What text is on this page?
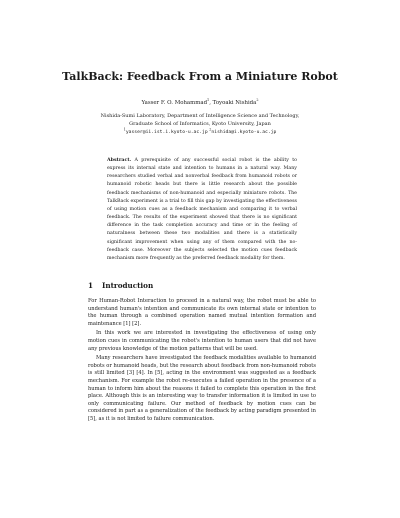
TalkBack: Feedback From a Miniature Robot
Yasser F. O. Mohammad$^1$, Toyoaki Nishida$^2$
Nishida-Sumi Laboratory, Department of Intelligence Science and Technology,
Graduate School of Informatics, Kyoto University, Japan
$^1$yasser@ii.ist.i.kyoto-u.ac.jp $^2$nishida@i.kyoto-u.ac.jp
Abstract. A prerequisite of any successful social robot is the ability to express its internal state and intention to humans in a natural way. Many researchers studied verbal and nonverbal feedback from humanoid robots or humanoid robotic heads but there is little research about the possible feedback mechanisms of non-humanoid and especially miniature robots. The TalkBack experiment is a trial to fill this gap by investigating the effectiveness of using motion cues as a feedback mechanism and comparing it to verbal feedback. The results of the experiment showed that there is no significant difference in the task completion accuracy and time or in the feeling of naturalness between these two modalities and there is a statistically significant improvement when using any of them compared with the no-feedback case. Moreover the subjects selected the motion cues feedback mechanism more frequently as the preferred feedback modality for them.
1 Introduction

For Human-Robot Interaction to proceed in a natural way, the robot must be able to understand human's intention and communicate its own internal state or intention to the human through a combined operation named mutual intention formation and maintenance [1] [2].

In this work we are interested in investigating the effectiveness of using only motion cues in communicating the robot's intention to human users that did not have any previous knowledge of the motion patterns that will be used.

Many researchers have investigated the feedback modalities available to humanoid robots or humanoid heads, but the research about feedback from non-humanoid robots is still limited [3] [4]. In [5], acting in the environment was suggested as a feedback mechanism. For example the robot re-executes a failed operation in the presence of a human to inform him about the reasons it failed to complete this operation in the first place. Although this is an interesting way to transfer information it is limited in use to only communicating failure. Our method of feedback by motion cues can be considered in part as a generalization of the feedback by acting paradigm presented in [5], as it is not limited to failure communication.
